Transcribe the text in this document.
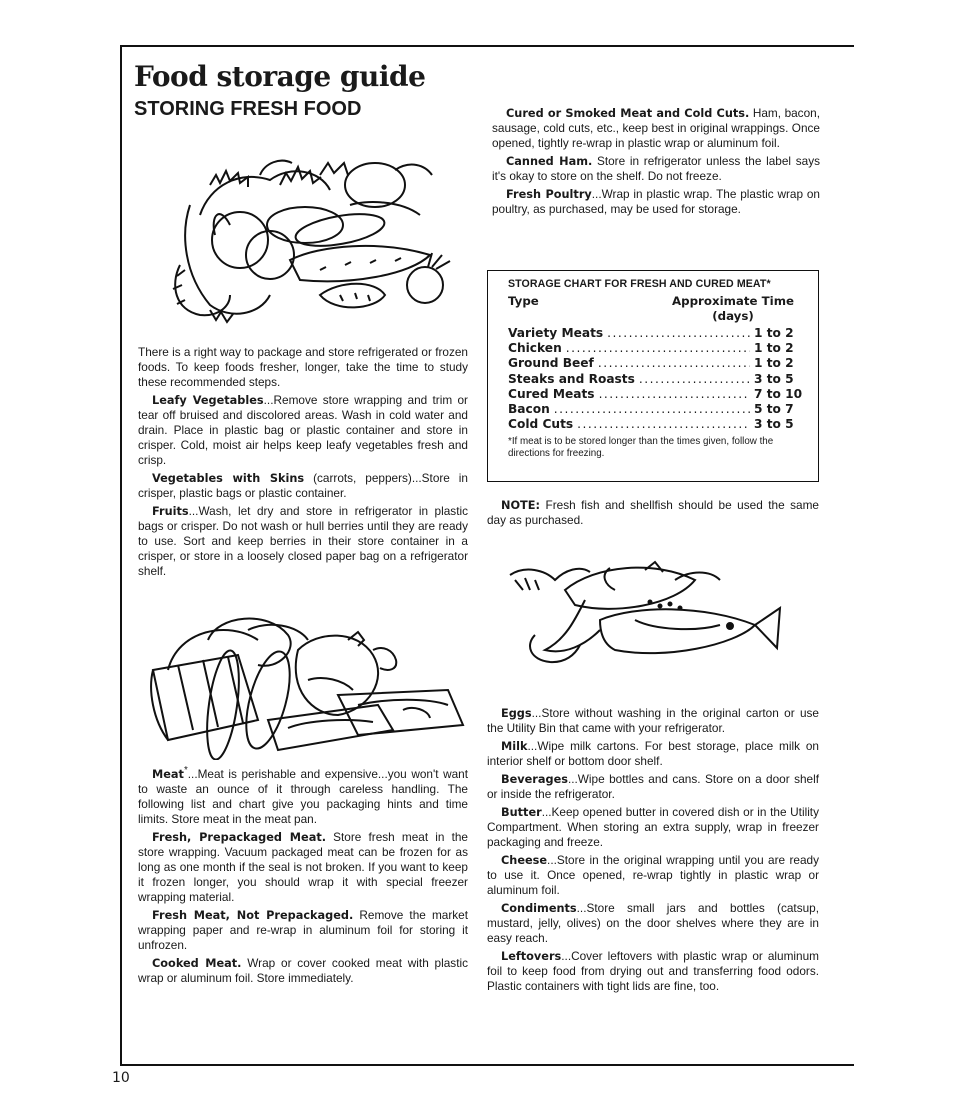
10
Food storage guide
STORING FRESH FOOD

There is a right way to package and store refrigerated or frozen foods. To keep foods fresher, longer, take the time to study these recommended steps.

Leafy Vegetables...Remove store wrapping and trim or tear off bruised and discolored areas. Wash in cold water and drain. Place in plastic bag or plastic container and store in crisper. Cold, moist air helps keep leafy vegetables fresh and crisp.

Vegetables with Skins (carrots, peppers)...Store in crisper, plastic bags or plastic container.

Fruits...Wash, let dry and store in refrigerator in plastic bags or crisper. Do not wash or hull berries until they are ready to use. Sort and keep berries in their store container in a crisper, or store in a loosely closed paper bag on a refrigerator shelf.

Meat*...Meat is perishable and expensive...you won't want to waste an ounce of it through careless handling. The following list and chart give you packaging hints and time limits. Store meat in the meat pan.

Fresh, Prepackaged Meat. Store fresh meat in the store wrapping. Vacuum packaged meat can be frozen for as long as one month if the seal is not broken. If you want to keep it frozen longer, you should wrap it with special freezer wrapping material.

Fresh Meat, Not Prepackaged. Remove the market wrapping paper and re-wrap in aluminum foil for storing it unfrozen.

Cooked Meat. Wrap or cover cooked meat with plastic wrap or aluminum foil. Store immediately.

Cured or Smoked Meat and Cold Cuts. Ham, bacon, sausage, cold cuts, etc., keep best in original wrappings. Once opened, tightly re-wrap in plastic wrap or aluminum foil.

Canned Ham. Store in refrigerator unless the label says it's okay to store on the shelf. Do not freeze.

Fresh Poultry...Wrap in plastic wrap. The plastic wrap on poultry, as purchased, may be used for storage.

STORAGE CHART FOR FRESH AND CURED MEAT*
Type	Approximate Time
(days)
Variety Meats .....	1 to 2
Chicken .....	1 to 2
Ground Beef .....	1 to 2
Steaks and Roasts .....	3 to 5
Cured Meats .....	7 to 10
Bacon .....	5 to 7
Cold Cuts .....	3 to 5
*If meat is to be stored longer than the times given, follow the directions for freezing.

NOTE: Fresh fish and shellfish should be used the same day as purchased.

Eggs...Store without washing in the original carton or use the Utility Bin that came with your refrigerator.

Milk...Wipe milk cartons. For best storage, place milk on interior shelf or bottom door shelf.

Beverages...Wipe bottles and cans. Store on a door shelf or inside the refrigerator.

Butter...Keep opened butter in covered dish or in the Utility Compartment. When storing an extra supply, wrap in freezer packaging and freeze.

Cheese...Store in the original wrapping until you are ready to use it. Once opened, re-wrap tightly in plastic wrap or aluminum foil.

Condiments...Store small jars and bottles (catsup, mustard, jelly, olives) on the door shelves where they are in easy reach.

Leftovers...Cover leftovers with plastic wrap or aluminum foil to keep food from drying out and transferring food odors. Plastic containers with tight lids are fine, too.
